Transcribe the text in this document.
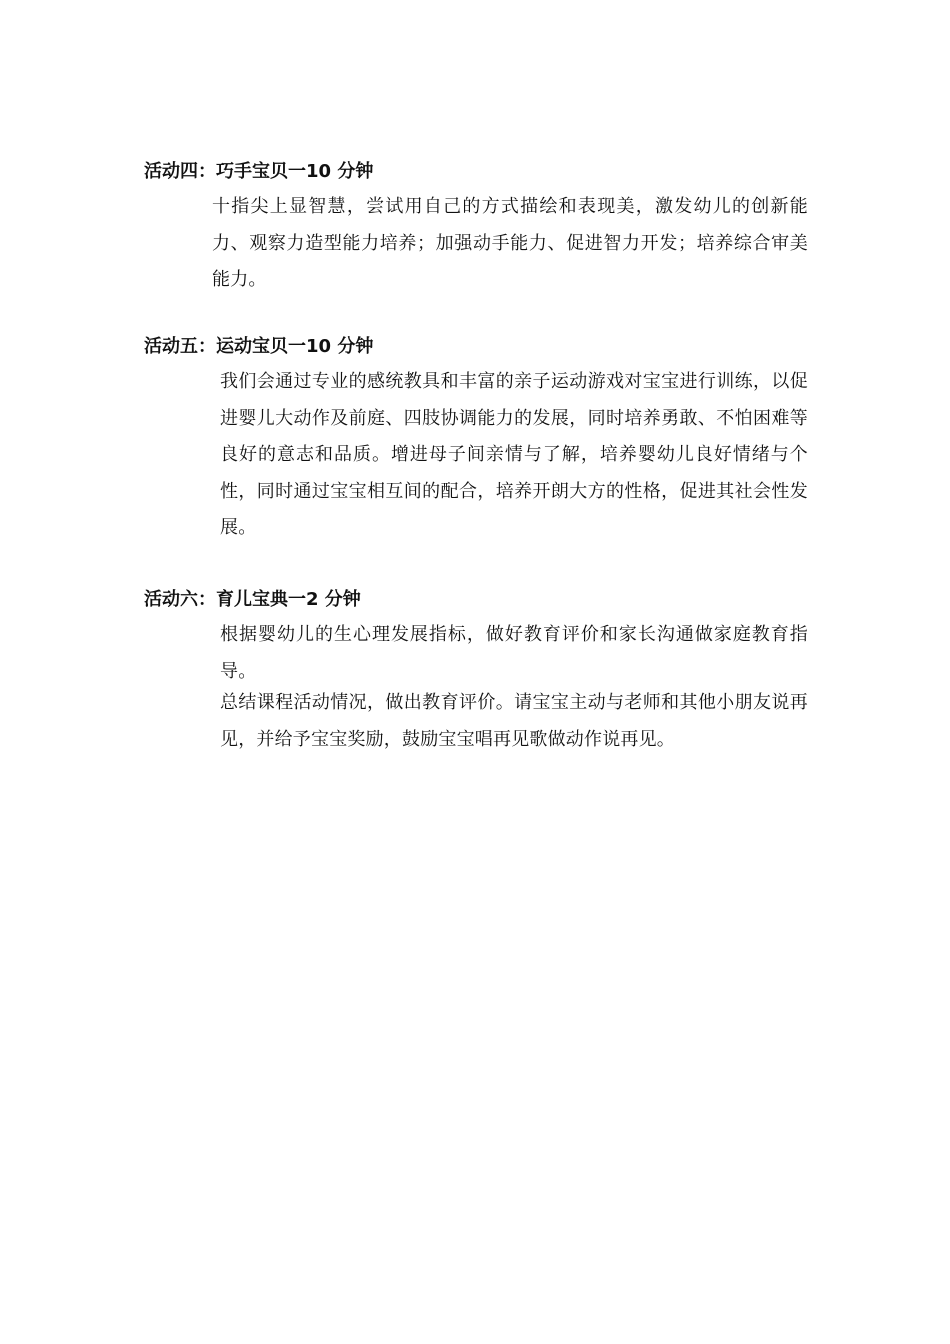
活动四：巧手宝贝一10 分钟
十指尖上显智慧，尝试用自己的方式描绘和表现美，激发幼儿的创新能力、观察力造型能力培养；加强动手能力、促进智力开发；培养综合审美能力。
活动五：运动宝贝一10 分钟
我们会通过专业的感统教具和丰富的亲子运动游戏对宝宝进行训练，以促进婴儿大动作及前庭、四肢协调能力的发展，同时培养勇敢、不怕困难等良好的意志和品质。增进母子间亲情与了解，培养婴幼儿良好情绪与个性，同时通过宝宝相互间的配合，培养开朗大方的性格，促进其社会性发展。
活动六：育儿宝典一2 分钟
根据婴幼儿的生心理发展指标，做好教育评价和家长沟通做家庭教育指导。
总结课程活动情况，做出教育评价。请宝宝主动与老师和其他小朋友说再见，并给予宝宝奖励，鼓励宝宝唱再见歌做动作说再见。
